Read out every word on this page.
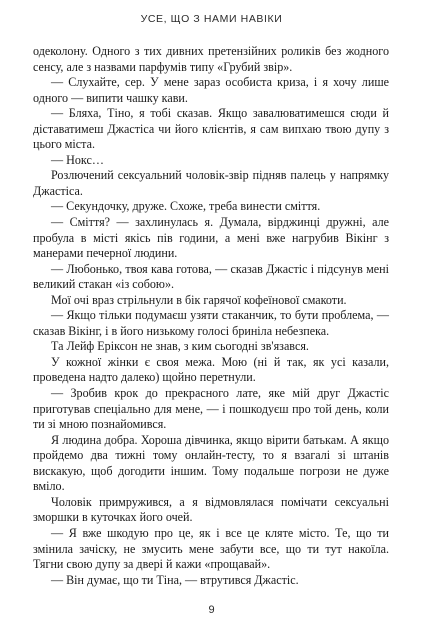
УСЕ, ЩО З НАМИ НАВІКИ

одеколону. Одного з тих дивних претензійних роликів без жодного сенсу, але з назвами парфумів типу «Грубий звір».

— Слухайте, сер. У мене зараз особиста криза, і я хочу лише одного — випити чашку кави.

— Бляха, Тіно, я тобі сказав. Якщо завалюватимешся сюди й діставатимеш Джастіса чи його клієнтів, я сам випхаю твою дупу з цього міста.

— Нокс…

Розлючений сексуальний чоловік-звір підняв палець у напрямку Джастіса.

— Секундочку, друже. Схоже, треба винести сміття.

— Сміття? — захлинулась я. Думала, вірджинці дружні, але пробула в місті якісь пів години, а мені вже нагрубив Вікінг з манерами печерної людини.

— Любонько, твоя кава готова, — сказав Джастіс і підсунув мені великий стакан «із собою».

Мої очі враз стрільнули в бік гарячої кофеїнової смакоти.

— Якщо тільки подумаєш узяти стаканчик, то бути проблема, — сказав Вікінг, і в його низькому голосі бриніла небезпека.

Та Лейф Ерiксон не знав, з ким сьогодні зв'язався.

У кожної жінки є своя межа. Мою (ні й так, як усі казали, проведена надто далеко) щойно перетнули.

— Зробив крок до прекрасного лате, яке мій друг Джастіс приготував спеціально для мене, — і пошкодуєш про той день, коли ти зі мною познайомився.

Я людина добра. Хороша дівчинка, якщо вірити батькам. А якщо пройдемо два тижні тому онлайн-тесту, то я взагалі зі штанів вискакую, щоб догодити іншим. Тому подальше погрози не дуже вміло.

Чоловік примружився, а я відмовлялася помічати сексуальні зморшки в куточках його очей.

— Я вже шкодую про це, як і все це кляте місто. Те, що ти змінила зачіску, не змусить мене забути все, що ти тут накоїла. Тягни свою дупу за двері й кажи «прощавай».

— Він думає, що ти Тіна, — втрутився Джастіс.

9
